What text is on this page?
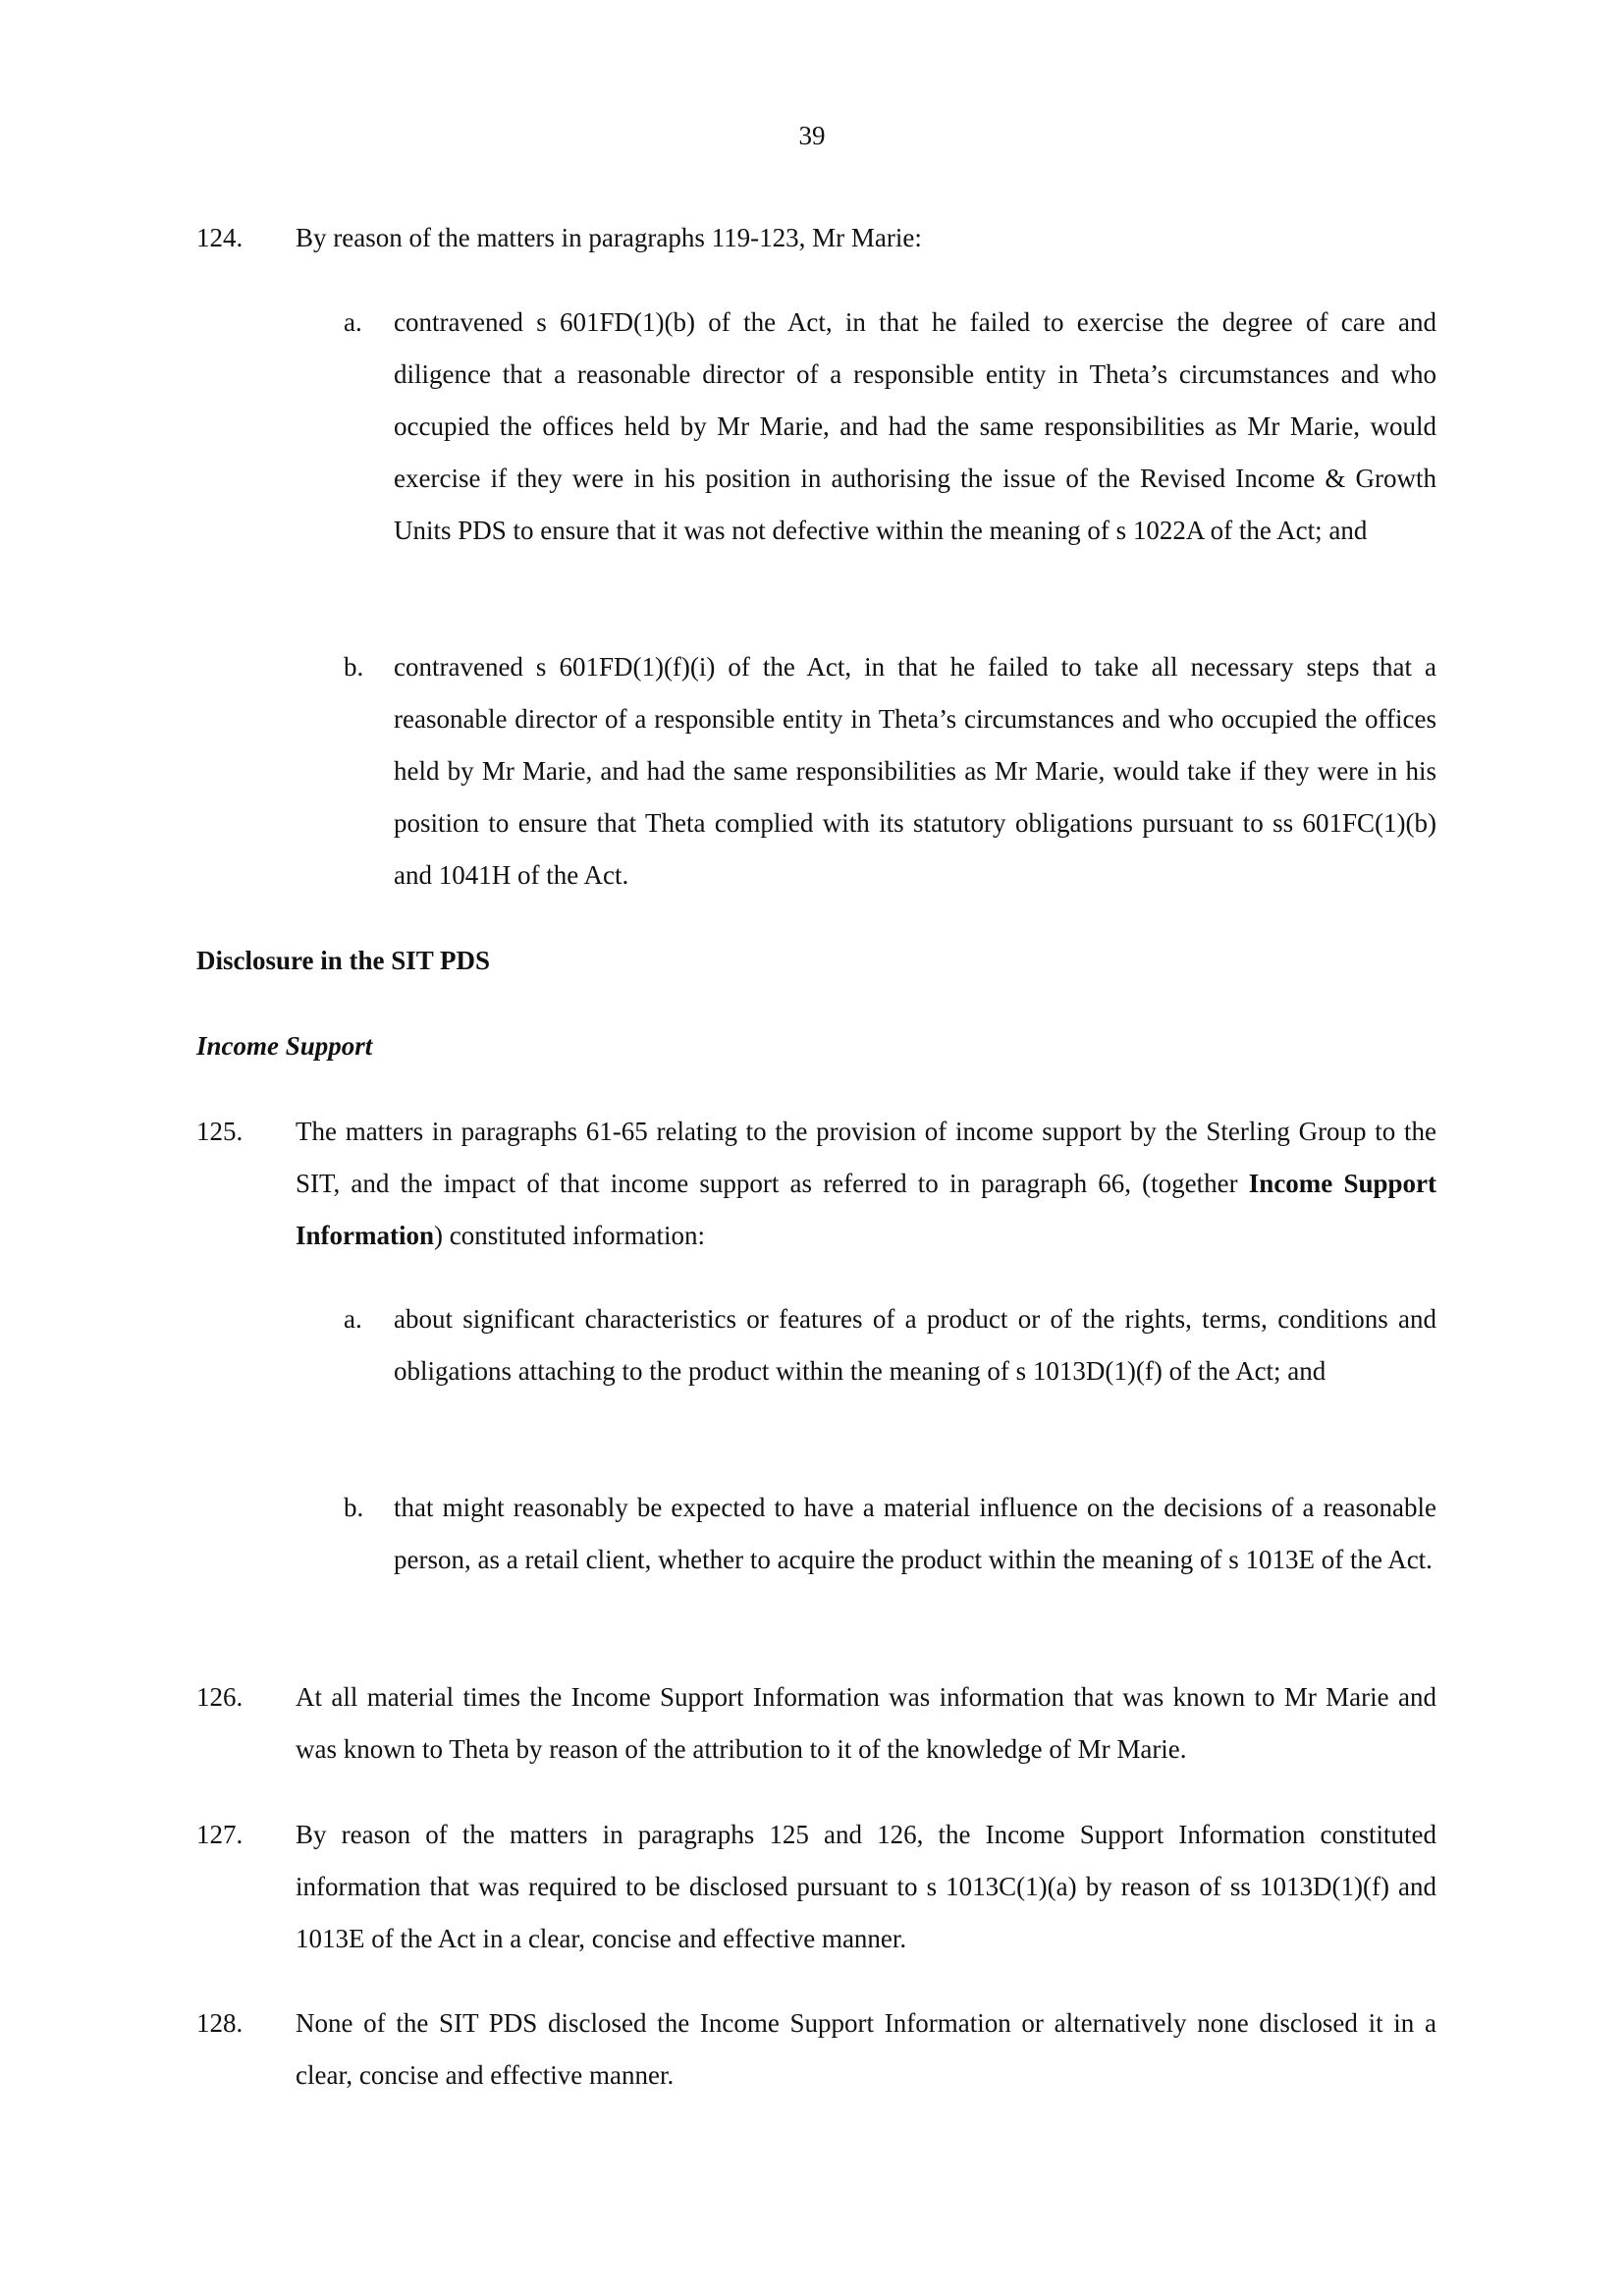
39
124. By reason of the matters in paragraphs 119-123, Mr Marie:
a. contravened s 601FD(1)(b) of the Act, in that he failed to exercise the degree of care and diligence that a reasonable director of a responsible entity in Theta’s circumstances and who occupied the offices held by Mr Marie, and had the same responsibilities as Mr Marie, would exercise if they were in his position in authorising the issue of the Revised Income & Growth Units PDS to ensure that it was not defective within the meaning of s 1022A of the Act; and
b. contravened s 601FD(1)(f)(i) of the Act, in that he failed to take all necessary steps that a reasonable director of a responsible entity in Theta’s circumstances and who occupied the offices held by Mr Marie, and had the same responsibilities as Mr Marie, would take if they were in his position to ensure that Theta complied with its statutory obligations pursuant to ss 601FC(1)(b) and 1041H of the Act.
Disclosure in the SIT PDS
Income Support
125. The matters in paragraphs 61-65 relating to the provision of income support by the Sterling Group to the SIT, and the impact of that income support as referred to in paragraph 66, (together Income Support Information) constituted information:
a. about significant characteristics or features of a product or of the rights, terms, conditions and obligations attaching to the product within the meaning of s 1013D(1)(f) of the Act; and
b. that might reasonably be expected to have a material influence on the decisions of a reasonable person, as a retail client, whether to acquire the product within the meaning of s 1013E of the Act.
126. At all material times the Income Support Information was information that was known to Mr Marie and was known to Theta by reason of the attribution to it of the knowledge of Mr Marie.
127. By reason of the matters in paragraphs 125 and 126, the Income Support Information constituted information that was required to be disclosed pursuant to s 1013C(1)(a) by reason of ss 1013D(1)(f) and 1013E of the Act in a clear, concise and effective manner.
128. None of the SIT PDS disclosed the Income Support Information or alternatively none disclosed it in a clear, concise and effective manner.
